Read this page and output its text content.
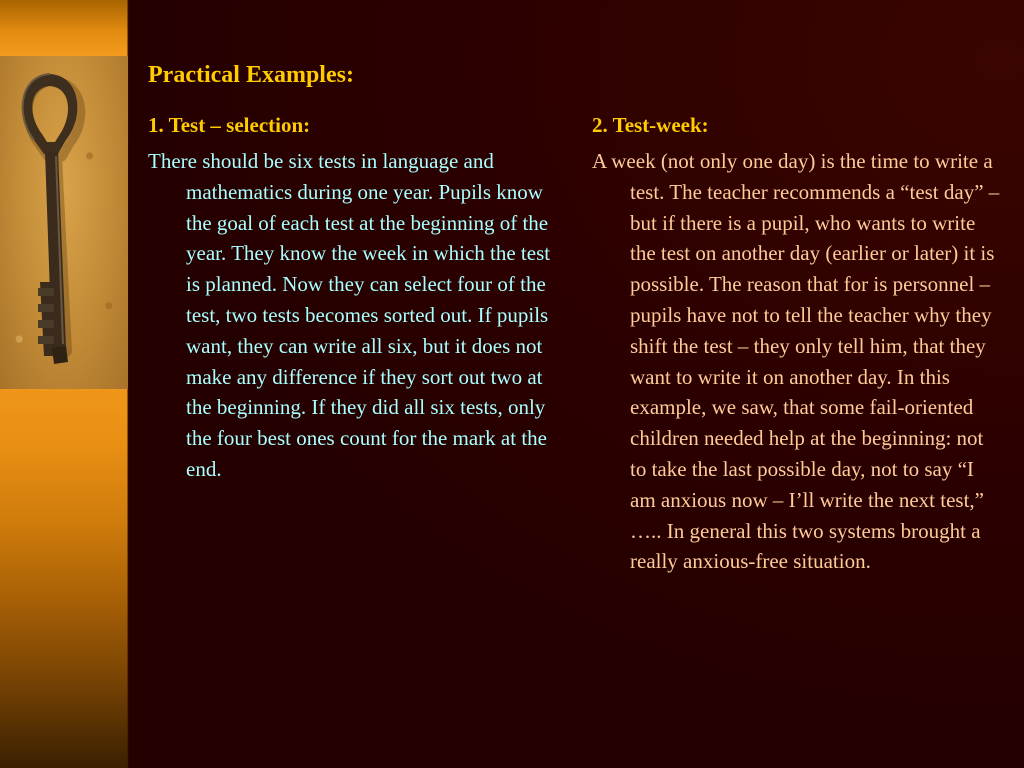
Practical Examples:
1. Test – selection:

There should be six tests in language and mathematics during one year. Pupils know the goal of each test at the beginning of the year. They know the week in which the test is planned. Now they can select four of the test, two tests becomes sorted out. If pupils want, they can write all six, but it does not make any difference if they sort out two at the beginning. If they did all six tests, only the four best ones count for the mark at the end.

2. Test-week:

A week (not only one day) is the time to write a test. The teacher recommends a “test day” – but if there is a pupil, who wants to write the test on another day (earlier or later) it is possible. The reason that for is personnel – pupils have not to tell the teacher why they shift the test – they only tell him, that they want to write it on another day. In this example, we saw, that some fail-oriented children needed help at the beginning: not to take the last possible day, not to say “I am anxious now – I’ll write the next test,” ….. In general this two systems brought a really anxious-free situation.
